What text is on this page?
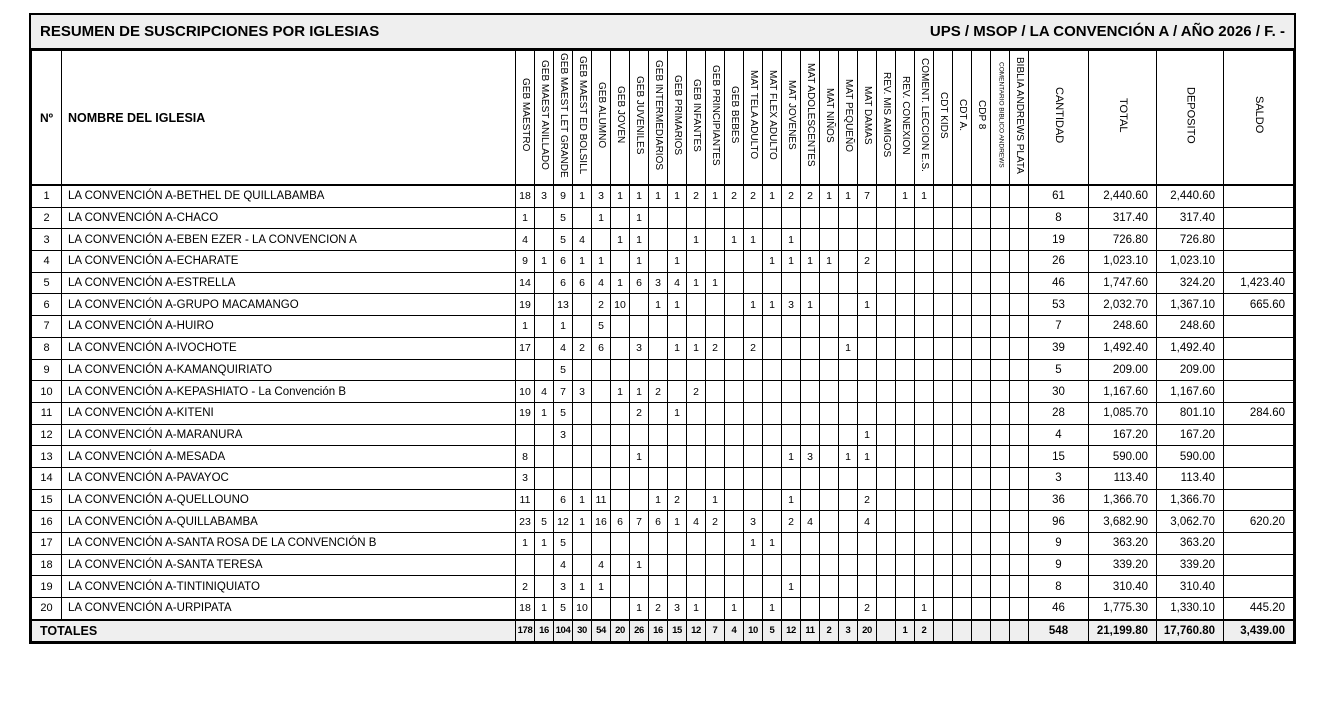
RESUMEN DE SUSCRIPCIONES POR IGLESIAS	UPS / MSOP / LA CONVENCIÓN A / AÑO 2026 / F. -
Nº	NOMBRE DEL IGLESIA	GEB MAESTRO	GEB MAEST ANILLADO	GEB MAEST LET GRANDE	GEB MAEST ED BOLSILL	GEB ALUMNO	GEB JOVEN	GEB JUVENILES	GEB INTERMEDIARIOS	GEB PRIMARIOS	GEB INFANTES	GEB PRINCIPIANTES	GEB BEBES	MAT TELA ADULTO	MAT FLEX ADULTO	MAT JOVENES	MAT ADOLESCENTES	MAT NIÑOS	MAT PEQUEÑO	MAT DAMAS	REV. MIS AMIGOS	REV. CONEXION	COMENT. LECCION E.S.	CDT KIDS	CDT A.	CDP 8	COMENTARIO BIBLICO ANDREWS	BIBLIA ANDREWS PLATA	CANTIDAD	TOTAL	DEPOSITO	SALDO
1	LA CONVENCIÓN A-BETHEL DE QUILLABAMBA	18	3	9	1	3	1	1	1	1	2	1	2	2	1	2	2	1	1	7		1	1						61	2,440.60	2,440.60	
2	LA CONVENCIÓN A-CHACO	1		5		1		1																					8	317.40	317.40	
3	LA CONVENCIÓN A-EBEN EZER - LA CONVENCION A	4		5	4		1	1			1		1	1		1													19	726.80	726.80	
4	LA CONVENCIÓN A-ECHARATE	9	1	6	1	1		1		1					1	1	1	1		2									26	1,023.10	1,023.10	
5	LA CONVENCIÓN A-ESTRELLA	14		6	6	4	1	6	3	4	1	1																	46	1,747.60	324.20	1,423.40
6	LA CONVENCIÓN A-GRUPO MACAMANGO	19		13		2	10		1	1				1	1	3	1			1									53	2,032.70	1,367.10	665.60
7	LA CONVENCIÓN A-HUIRO	1		1		5																							7	248.60	248.60	
8	LA CONVENCIÓN A-IVOCHOTE	17		4	2	6		3		1	1	2		2					1										39	1,492.40	1,492.40	
9	LA CONVENCIÓN A-KAMANQUIRIATO			5																									5	209.00	209.00	
10	LA CONVENCIÓN A-KEPASHIATO - La Convención B	10	4	7	3		1	1	2		2																		30	1,167.60	1,167.60	
11	LA CONVENCIÓN A-KITENI	19	1	5				2		1																			28	1,085.70	801.10	284.60
12	LA CONVENCIÓN A-MARANURA			3																1									4	167.20	167.20	
13	LA CONVENCIÓN A-MESADA	8						1								1	3		1	1									15	590.00	590.00	
14	LA CONVENCIÓN A-PAVAYOC	3																											3	113.40	113.40	
15	LA CONVENCIÓN A-QUELLOUNO	11		6	1	11			1	2		1				1				2									36	1,366.70	1,366.70	
16	LA CONVENCIÓN A-QUILLABAMBA	23	5	12	1	16	6	7	6	1	4	2		3		2	4			4									96	3,682.90	3,062.70	620.20
17	LA CONVENCIÓN A-SANTA ROSA DE LA CONVENCIÓN B	1	1	5										1	1														9	363.20	363.20	
18	LA CONVENCIÓN A-SANTA TERESA			4		4		1																					9	339.20	339.20	
19	LA CONVENCIÓN A-TINTINIQUIATO	2		3	1	1										1													8	310.40	310.40	
20	LA CONVENCIÓN A-URPIPATA	18	1	5	10			1	2	3	1		1		1					2			1						46	1,775.30	1,330.10	445.20
TOTALES		178	16	104	30	54	20	26	16	15	12	7	4	10	5	12	11	2	3	20		1	2						548	21,199.80	17,760.80	3,439.00
